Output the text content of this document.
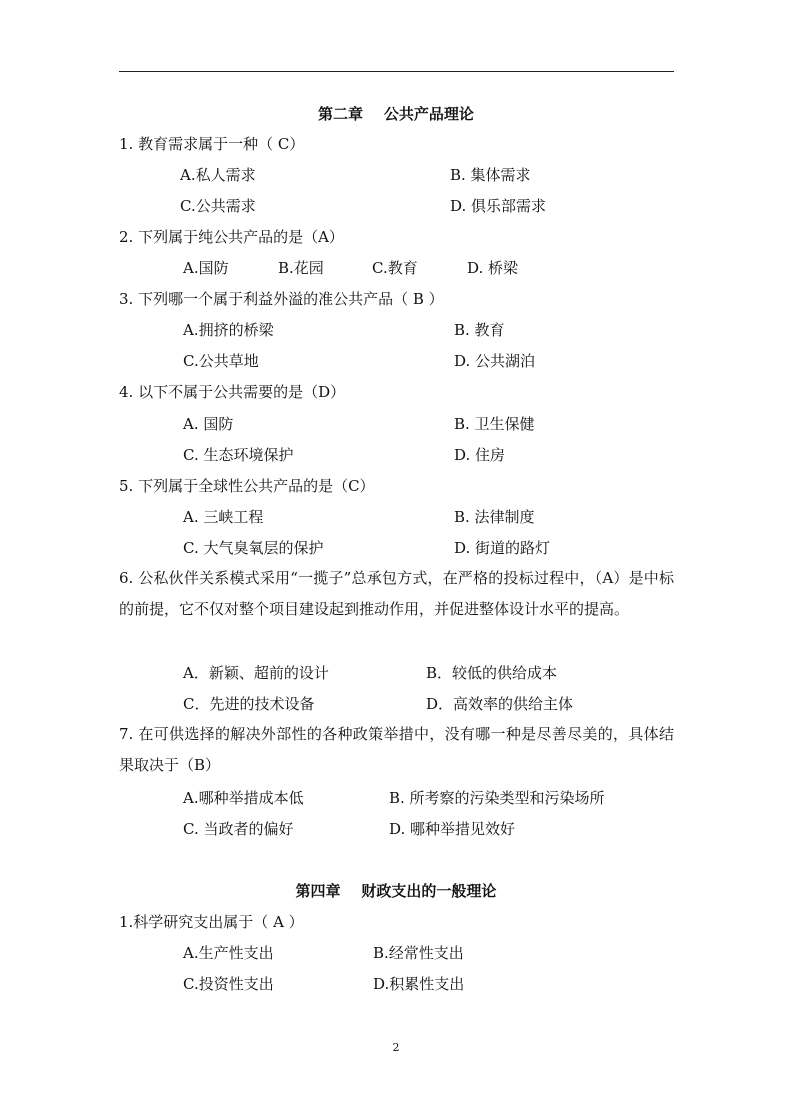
第二章    公共产品理论
1. 教育需求属于一种（ C）
A.私人需求	B. 集体需求
C.公共需求	D. 俱乐部需求
2. 下列属于纯公共产品的是（A）
A.国防	B.花园	C.教育	D. 桥梁
3. 下列哪一个属于利益外溢的准公共产品（ B ）
A.拥挤的桥梁	B. 教育
C.公共草地	D. 公共湖泊
4. 以下不属于公共需要的是（D）
A. 国防	B. 卫生保健
C. 生态环境保护	D. 住房
5. 下列属于全球性公共产品的是（C）
A. 三峡工程	B. 法律制度
C. 大气臭氧层的保护	D. 街道的路灯
6. 公私伙伴关系模式采用“一揽子”总承包方式，在严格的投标过程中，（A）是中标的前提，它不仅对整个项目建设起到推动作用，并促进整体设计水平的提高。
A．新颖、超前的设计	B．较低的供给成本
C．先进的技术设备	D．高效率的供给主体
7. 在可供选择的解决外部性的各种政策举措中，没有哪一种是尽善尽美的，具体结果取决于（B）
A.哪种举措成本低	B. 所考察的污染类型和污染场所
C. 当政者的偏好	D. 哪种举措见效好
第四章    财政支出的一般理论
1.科学研究支出属于（ A ）
A.生产性支出	B.经常性支出
C.投资性支出	D.积累性支出
2
